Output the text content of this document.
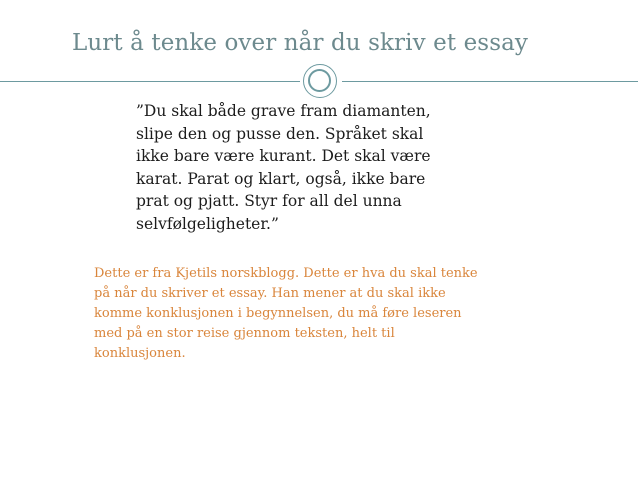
Lurt å tenke over når du skriv et essay
”Du skal både grave fram diamanten,
slipe den og pusse den. Språket skal
ikke bare være kurant. Det skal være
karat. Parat og klart, også, ikke bare
prat og pjatt. Styr for all del unna
selvfølgeligheter.”
Dette er fra Kjetils norskblogg. Dette er hva du skal tenke
på når du skriver et essay. Han mener at du skal ikke
komme konklusjonen i begynnelsen, du må føre leseren
med på en stor reise gjennom teksten, helt til
konklusjonen.
